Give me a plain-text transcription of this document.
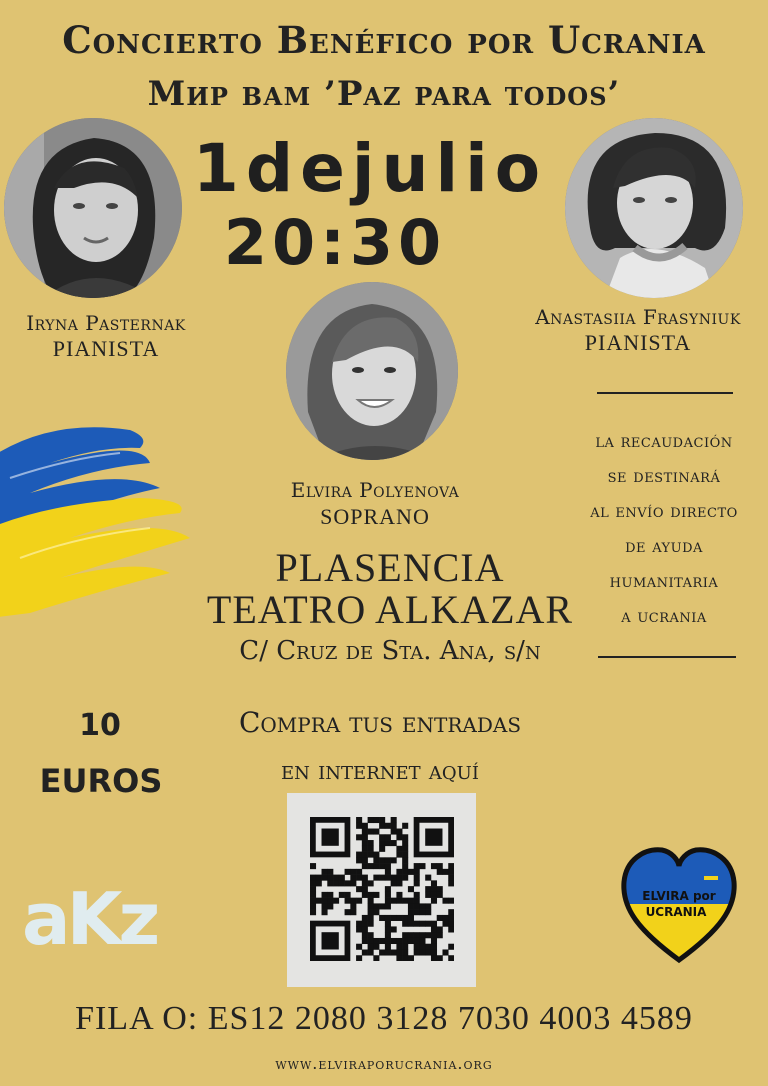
Concierto Benéfico por Ucrania
Мир вам ’Paz para todos’
1dejulio
20:30
Iryna Pasternak
PIANISTA
Anastasiia Frasyniuk
PIANISTA
Elvira Polyenova
SOPRANO
PLASENCIA
TEATRO ALKAZAR
C/ Cruz de Sta. Ana, s/n
la recaudación
se destinará
al envío directo
de ayuda
humanitaria
a ucrania
10
EUROS
Compra tus entradas
en internet aquí
aKz	ELVIRA por
UCRANIA
FILA O: ES12 2080 3128 7030 4003 4589
www.elviraporucrania.org
